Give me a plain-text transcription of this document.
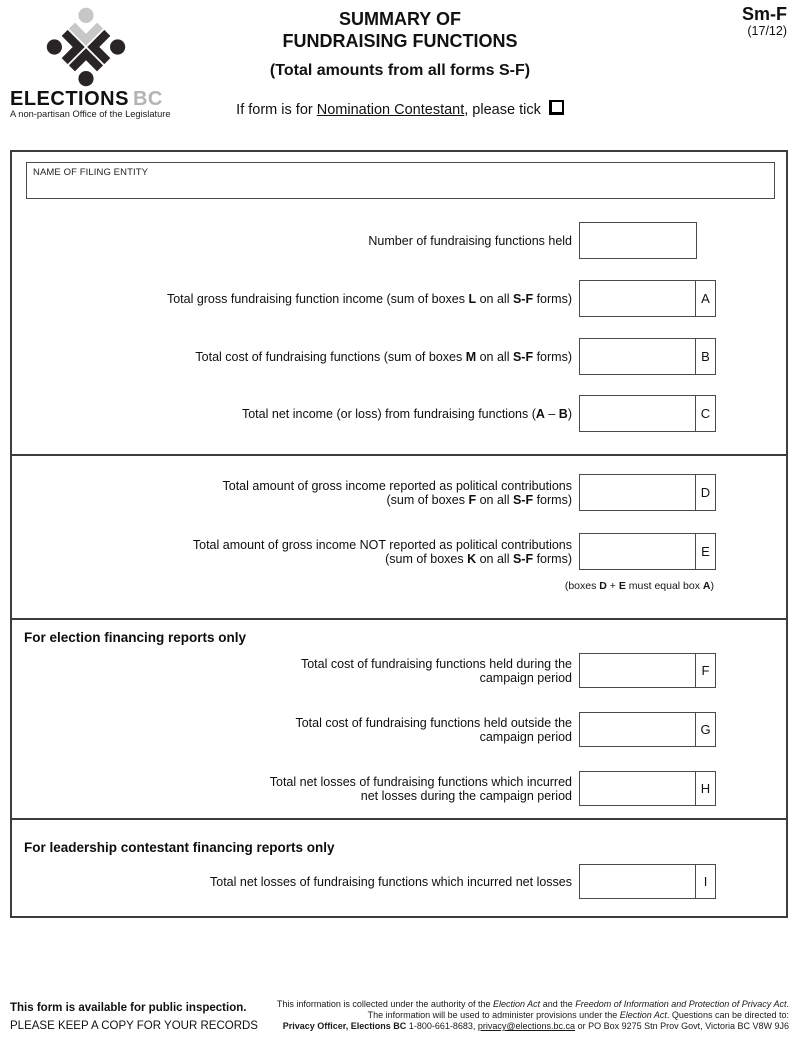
ELECTIONS BC
A non-partisan Office of the Legislature
SUMMARY OF
FUNDRAISING FUNCTIONS
(Total amounts from all forms S-F)
If form is for Nomination Contestant, please tick
Sm-F
(17/12)
NAME OF FILING ENTITY
Number of fundraising functions held
Total gross fundraising function income (sum of boxes L on all S-F forms)	A
Total cost of fundraising functions (sum of boxes M on all S-F forms)	B
Total net income (or loss) from fundraising functions (A – B)	C
Total amount of gross income reported as political contributions
(sum of boxes F on all S-F forms)	D
Total amount of gross income NOT reported as political contributions
(sum of boxes K on all S-F forms)	E
(boxes D + E must equal box A)
For election financing reports only
Total cost of fundraising functions held during the
campaign period	F
Total cost of fundraising functions held outside the
campaign period	G
Total net losses of fundraising functions which incurred
net losses during the campaign period	H
For leadership contestant financing reports only
Total net losses of fundraising functions which incurred net losses	I
This form is available for public inspection.
PLEASE KEEP A COPY FOR YOUR RECORDS
This information is collected under the authority of the Election Act and the Freedom of Information and Protection of Privacy Act.
The information will be used to administer provisions under the Election Act. Questions can be directed to:
Privacy Officer, Elections BC 1-800-661-8683, privacy@elections.bc.ca or PO Box 9275 Stn Prov Govt, Victoria BC V8W 9J6
